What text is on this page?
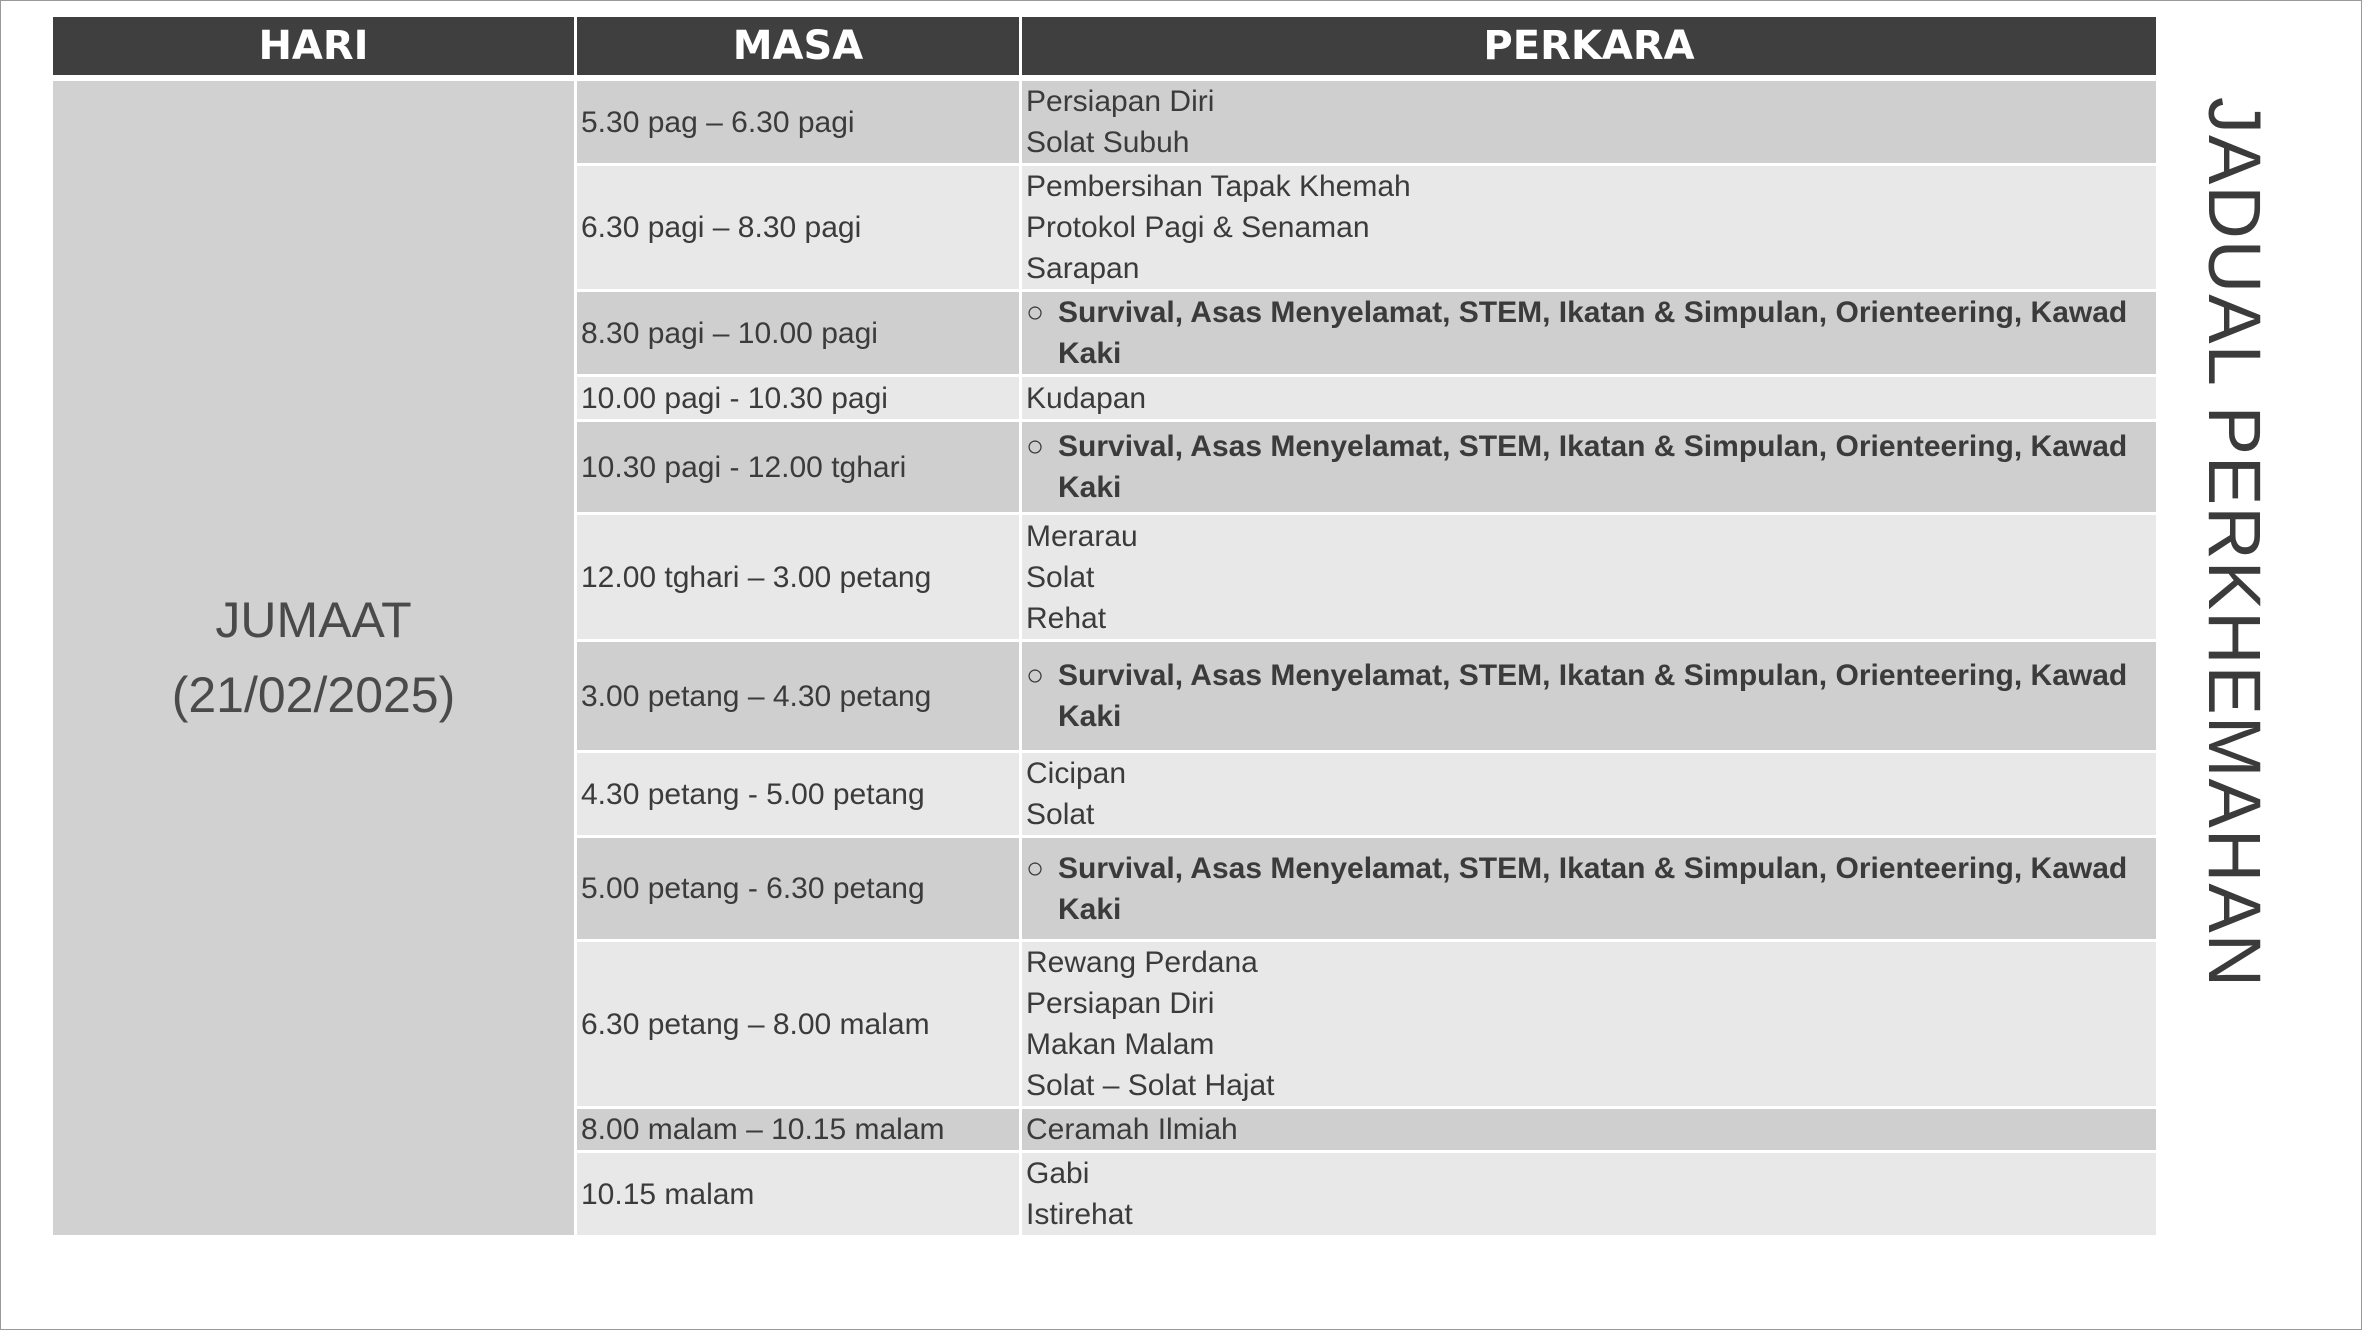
HARI	MASA	PERKARA
JUMAAT
(21/02/2025)	5.30 pag – 6.30 pagi	Persiapan Diri
Solat Subuh

	6.30 pagi – 8.30 pagi	Pembersihan Tapak Khemah
Protokol Pagi & Senaman
Sarapan

	8.30 pagi – 10.00 pagi	○ Survival, Asas Menyelamat, STEM, Ikatan & Simpulan, Orienteering, Kawad Kaki

	10.00 pagi - 10.30 pagi	Kudapan

	10.30 pagi - 12.00 tghari	○ Survival, Asas Menyelamat, STEM, Ikatan & Simpulan, Orienteering, Kawad Kaki

	12.00 tghari – 3.00 petang	Merarau
Solat
Rehat

	3.00 petang – 4.30 petang	○ Survival, Asas Menyelamat, STEM, Ikatan & Simpulan, Orienteering, Kawad Kaki

	4.30 petang - 5.00 petang	Cicipan
Solat

	5.00 petang - 6.30 petang	○ Survival, Asas Menyelamat, STEM, Ikatan & Simpulan, Orienteering, Kawad Kaki

	6.30 petang – 8.00 malam	Rewang Perdana
Persiapan Diri
Makan Malam
Solat – Solat Hajat

	8.00 malam – 10.15 malam	Ceramah Ilmiah

	10.15 malam	Gabi
Istirehat
JADUAL PERKHEMAHAN
